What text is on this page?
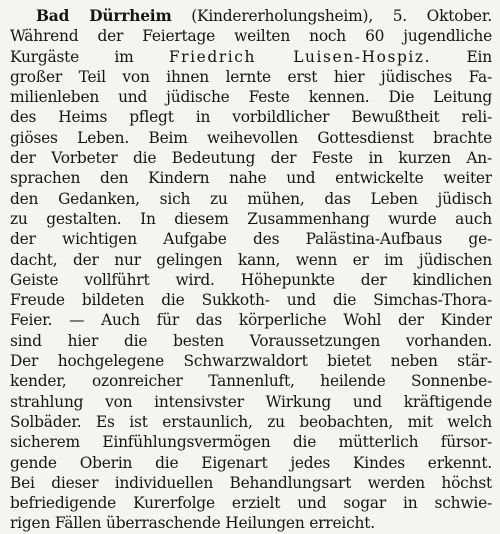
Bad Dürrheim (Kindererholungsheim), 5. Oktober.
Während der Feiertage weilten noch 60 jugendliche
Kurgäste im Friedrich Luisen-Hospiz. Ein
großer Teil von ihnen lernte erst hier jüdisches Fa-
milienleben und jüdische Feste kennen. Die Leitung
des Heims pflegt in vorbildlicher Bewußtheit reli-
giöses Leben. Beim weihevollen Gottesdienst brachte
der Vorbeter die Bedeutung der Feste in kurzen An-
sprachen den Kindern nahe und entwickelte weiter
den Gedanken, sich zu mühen, das Leben jüdisch
zu gestalten. In diesem Zusammenhang wurde auch
der wichtigen Aufgabe des Palästina-Aufbaus ge-
dacht, der nur gelingen kann, wenn er im jüdischen
Geiste vollführt wird. Höhepunkte der kindlichen
Freude bildeten die Sukkoth- und die Simchas-Thora-
Feier. — Auch für das körperliche Wohl der Kinder
sind hier die besten Voraussetzungen vorhanden.
Der hochgelegene Schwarzwaldort bietet neben stär-
kender, ozonreicher Tannenluft, heilende Sonnenbe-
strahlung von intensivster Wirkung und kräftigende
Solbäder. Es ist erstaunlich, zu beobachten, mit welch
sicherem Einfühlungsvermögen die mütterlich fürsor-
gende Oberin die Eigenart jedes Kindes erkennt.
Bei dieser individuellen Behandlungsart werden höchst
befriedigende Kurerfolge erzielt und sogar in schwie-
rigen Fällen überraschende Heilungen erreicht.
